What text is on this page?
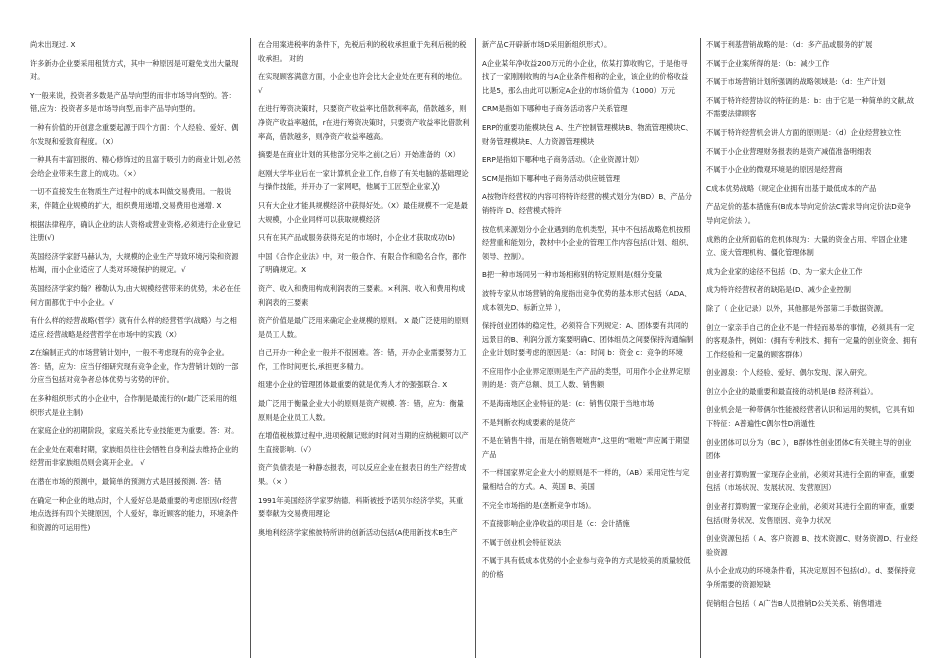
尚未出现过. X

许多新办企业要采用租赁方式，其中一种原因是可避免支出大量现 对。

Y一般来说，投资者多数是产品导向型的而非市场导向型的。答：错,应为：投资者多是市场导向型,而非产品导向型的。

一种有价值的开创意念重要起源于四个方面：个人经验、爱好、偶尔发现和爱敦育程度。（X）

一种具有丰富回报的、精心修饰过的且富于吸引力的商业计划,必然会给企业带来生意上的成功。（×）

一切不直接发生在物质生产过程中的成本叫做交易费用。一般说来，伴随企业规模的扩大，组织费用递增,交易费用也递增. X

根据法律程序，确认企业的法人资格或营业资格,必须进行企业登记注册(√)

英国经济学家舒马赫认为，大规模的企业生产导致环境污染和资源枯竭，而小企业适应了人类对环境保护的规定。√

英国经济学家约翰？穆勒认为,由大规模经营带来的优势，未必在任何方面都优于中小企业。√

有什么样的经营战略(哲学）就有什么样的经营哲学(战略）与之相适应.经营战略是经营哲学在市场中的实践（X）

Z在编制正式的市场营销计划中，一般不考虑现有的竞争企业。答：错，应为：应当仔细研究现有竞争企业，作为营销计划的一部分应当包括对竞争者总体优势与劣势的评价。

在多种组织形式的小企业中，合作制是最流行的(r最广泛采用的组织形式是业主制)

在家庭企业的初期阶段，家庭关系比专业技能更为重要。答：对。

在企业处在艰难时期，家族组员往往会牺牲自身利益去维持企业的经营而非家族组员则会离开企业。 √

在潜在市场的预测中，最简单的预测方式是回援预测. 答：错

在确定一种企业的地点时，个人爱好总是最重要的考虑原因(r经营地点选择有四个关键原因，个人爱好，靠近顾客的能力，环境条件和资源的可运用性)

在合用案进税率的条件下，先税后利的税收承担重于先利后税的税收承担。 对的

在实现顾客满意方面，小企业也许会比大企业处在更有利的地位。√

在进行筹资决策时，只要资产收益率比借款利率高，借款越多，则净资产收益率越低，r在进行筹资决策时，只要资产收益率比借款利率高，借款越多，则净资产收益率越高。

摘要是在商业计划的其他部分完毕之前(之后）开始准备的（X）

赵刚大学毕业后在一家计算机企业工作,自修了有关电脑的基础理论与操作技能，并开办了一家网吧，他属于工匠型企业家.╳)

只有大企业才能具规模经济中获得好处。（X）最佳规模不一定是最大规模，小企业同样可以获取规模经济

只有在其产品或服务获得充足的市场时，小企业才获取成功(b)

中国《合作企业法》中，对一般合作、有限合作和隐名合作，都作了明确规定。X

资产、收入和费用构成利润表的三要素。×利润、收入和费用构成利润表的三要素

资产价值是最广泛用来确定企业规模的原则。 X 最广泛使用的原则是员工人数。

自己开办一种企业一般并不很困难。答：错，开办企业需要努力工作，工作时间更长,承担更多精力。

组建小企业的管理团体最重要的就是优秀人才的强强联合. X

最广泛用于衡量企业大小的原则是资产规模. 答：错，应为：衡量原则是企业员工人数。

在增值税核算过程中,进项税额记账的时间对当期的应纳税额可以产生直接影响.（√）

资产负债表是一种静态报表，可以反应企业在报表日的生产经营成果。（× ）

1991年美国经济学家罗纳德．科斯被授予诺贝尔经济学奖，其重要奉献为交易费用理论

奥地利经济学家熊彼特所讲的创新活动包括(A使用新技术B生产

新产品C开辟新市场D采用新组织形式）。

A企业某年净收益200万元的小企业，依某打算收购它，于是他寻找了一家刚刚收购的与A企业条件相称的企业，该企业的价格收益比是5，那么由此可以断定A企业的市场价值为（1000）万元

CRM是指如下哪种电子商务活动客户关系管理

ERP的重要功能模块包 A、生产控制管理模块B、物流管理模块C、财务管理模块E、人力资源管理模块

ERP是指如下哪种电子商务活动。（企业资源计划）

SCM是指如下哪种电子商务活动供应链管理

A按物许经营权的内容可将特许经营的模式划分为(BD）B、产品分销特许 D、经营模式特许

按危机来源划分小企业遇到的危机类型，其中不包括战略危机按照经营重和能划分，教材中小企业的管理工作内容包括(计划、组织、领导、控制）。

B把一种市场同另一种市场相称别的特定原则是(细分变量

波特专家从市场营销的角度指出竞争优势的基本形式包括（ADA、成本领先D、标新立异 ），

保持创业团体的稳定性，必须符合下列规定：A、团体要有共同的远景目的B、利润分派方案要明确C、团体组员之间要保持沟通编制企业计划时要考虑的原因是：（a：时间 b：资金 c：竞争的环境

不应用作小企业界定原则是生产产品的类型，可用作小企业界定原则的是：资产总额、员工人数、销售额

不是海南地区企业特征的是：(c：销售仅限于当地市场

不是判断衣构成要素的是货产

不是在销售牛排，而是在销售咝咝声”,这里的”咝咝”声应属于期望产品

不一样国家界定企业大小的原则是不一样的，（AB）采用定性与定量相结合的方式。A、英国 B、美国

不完全市场指的是(垄断竞争市场)。

不直接影响企业净收益的项目是（c：会计措施

不属于创业机会特征说法

不属于具有低成本优势的小企业参与竞争的方式是较美的质量较低的价格

不属于利基营销战略的是：（d：多产品或服务的扩展

不属于企业案所得的是：（b：减少工作

不属于市场营销计划所强调的战略领域是:（d：生产计划

不属于特许经营协议的特征的是：b：由于它是一种简单的文献,故不需要法律顾客

不属于特许经营机会讲人方面的原则是：（d）企业经营独立性

不属于小企业营理财务报表的是资产减值准备明细表

不属于小企业的微观环境是的原因是经营商

C成本优势战略（规定企业拥有出基于最低成本的产品

产品定价的基本措施有(B成本导向定价法C需求导向定价法D竞争导向定价法 ）。

成熟的企业所面临的危机体现为：大量的资金占用、牢固企业建立、庞大管理机构、僵化管理体制

成为企业家的途径不包括（D、为一家大企业工作

成为特许经营权者的缺陷是(D、减少企业控制

除了（ 企业记录）以外，其他都是外部第二手数据资源。

创立一家亲手自己的企业不是一件轻而易举的事情，必须具有一定的客观条件，例如：(拥有专利技术、拥有一定量的创业资金、拥有工作经验和一定量的顾客群体）

创业源泉：个人经验、爱好、偶尔发现、深入研究。

创立小企业的最重要和最直接的动机是(B 经济利益）。

创业机会是一种带俩尔性能被经营者认识和运用的契机，它具有如下特征：A普遍性C偶尔性D消遁性

创业团体可以分为（BC ），B群体性创业团体C有关键主导的创业团体

创业者打算购置一家现存企业前，必须对其进行全面的审查，重要包括（市场状况、发展状况、发营原因）

创业者打算购置一家现存企业前，必须对其进行全面的审查，重要包括(财务状况、发售原因、竞争力状况

创业资源包括（ A、客户资源 B、技术资源C、财务资源D、行业经验资源

从小企业成功的环境条件看，其决定原因不包括(d）。d、要保持竞争所需要的资源短缺

促销组合包括（ A广告B人员推销D公关关系、销售增进
